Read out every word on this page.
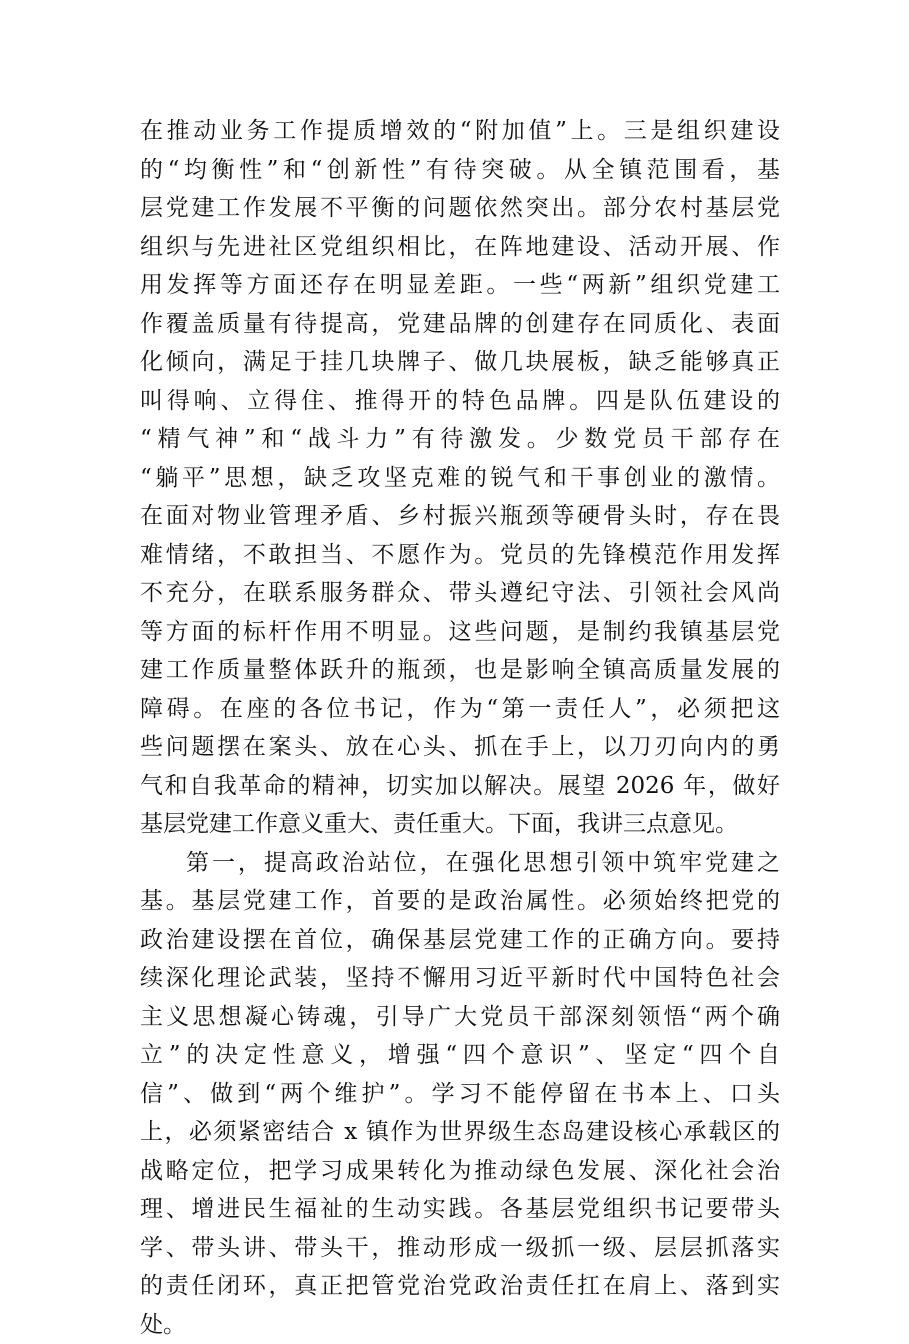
在推动业务工作提质增效的“附加值”上。三是组织建设
的“均衡性”和“创新性”有待突破。从全镇范围看，基
层党建工作发展不平衡的问题依然突出。部分农村基层党
组织与先进社区党组织相比，在阵地建设、活动开展、作
用发挥等方面还存在明显差距。一些“两新”组织党建工
作覆盖质量有待提高，党建品牌的创建存在同质化、表面
化倾向，满足于挂几块牌子、做几块展板，缺乏能够真正
叫得响、立得住、推得开的特色品牌。四是队伍建设的
“精气神”和“战斗力”有待激发。少数党员干部存在
“躺平”思想，缺乏攻坚克难的锐气和干事创业的激情。
在面对物业管理矛盾、乡村振兴瓶颈等硬骨头时，存在畏
难情绪，不敢担当、不愿作为。党员的先锋模范作用发挥
不充分，在联系服务群众、带头遵纪守法、引领社会风尚
等方面的标杆作用不明显。这些问题，是制约我镇基层党
建工作质量整体跃升的瓶颈，也是影响全镇高质量发展的
障碍。在座的各位书记，作为“第一责任人”，必须把这
些问题摆在案头、放在心头、抓在手上，以刀刃向内的勇
气和自我革命的精神，切实加以解决。展望 2026 年，做好
基层党建工作意义重大、责任重大。下面，我讲三点意见。
第一，提高政治站位，在强化思想引领中筑牢党建之
基。基层党建工作，首要的是政治属性。必须始终把党的
政治建设摆在首位，确保基层党建工作的正确方向。要持
续深化理论武装，坚持不懈用习近平新时代中国特色社会
主义思想凝心铸魂，引导广大党员干部深刻领悟“两个确
立”的决定性意义，增强“四个意识”、坚定“四个自
信”、做到“两个维护”。学习不能停留在书本上、口头
上，必须紧密结合 x 镇作为世界级生态岛建设核心承载区的
战略定位，把学习成果转化为推动绿色发展、深化社会治
理、增进民生福祉的生动实践。各基层党组织书记要带头
学、带头讲、带头干，推动形成一级抓一级、层层抓落实
的责任闭环，真正把管党治党政治责任扛在肩上、落到实
处。
